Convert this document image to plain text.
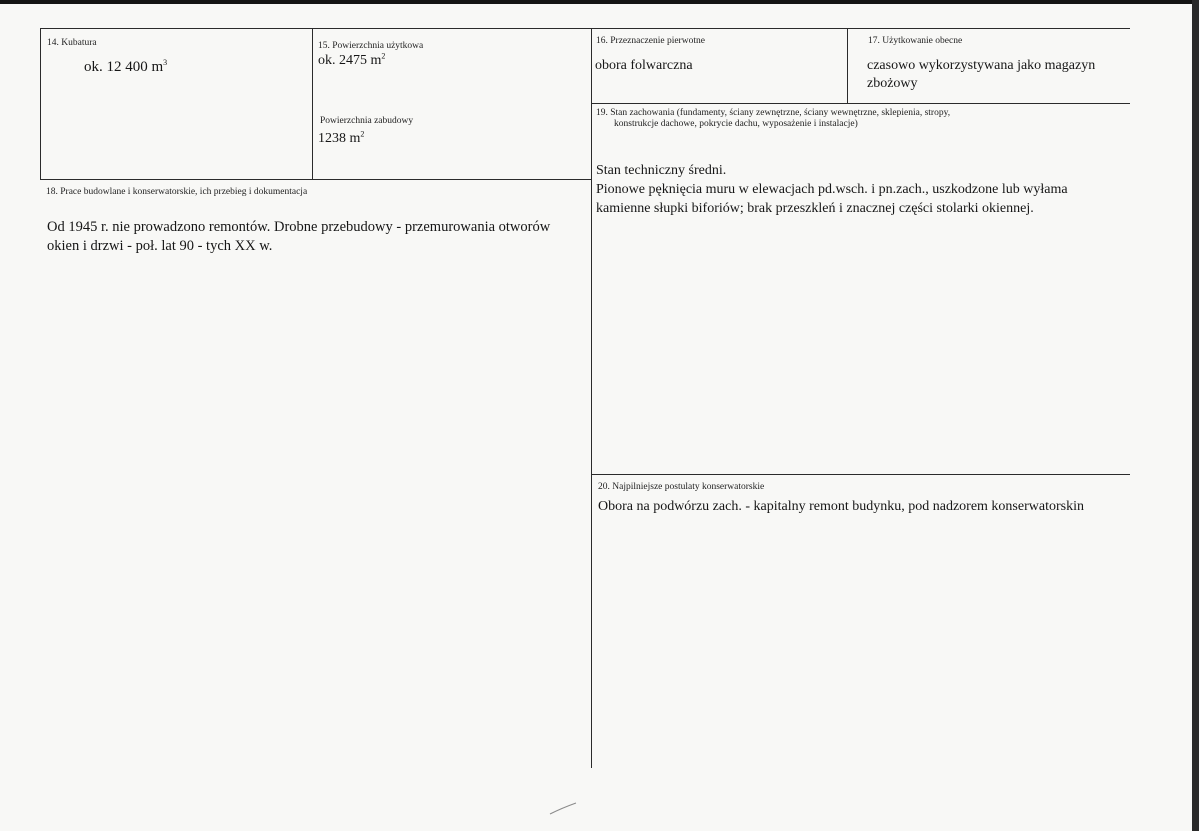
14. Kubatura
ok. 12 400 $m^3$
15. Powierzchnia użytkowa
ok. 2475 $m^2$
Powierzchnia zabudowy
1238 $m^2$
16. Przeznaczenie pierwotne
obora folwarczna
17. Użytkowanie obecne
czasowo wykorzystywana jako magazyn
zbożowy
19. Stan zachowania (fundamenty, ściany zewnętrzne, ściany wewnętrzne, sklepienia, stropy,
konstrukcje dachowe, pokrycie dachu, wyposażenie i instalacje)
Stan techniczny średni.
Pionowe pęknięcia muru w elewacjach pd.wsch. i pn.zach., uszkodzone lub wyłama
kamienne słupki biforiów; brak przeszkleń i znacznej części stolarki okiennej.
18. Prace budowlane i konserwatorskie, ich przebieg i dokumentacja
Od 1945 r. nie prowadzono remontów. Drobne przebudowy - przemurowania otworów
okien i drzwi - poł. lat 90 - tych XX w.
20. Najpilniejsze postulaty konserwatorskie
Obora na podwórzu zach. - kapitalny remont budynku, pod nadzorem konserwatorskin
